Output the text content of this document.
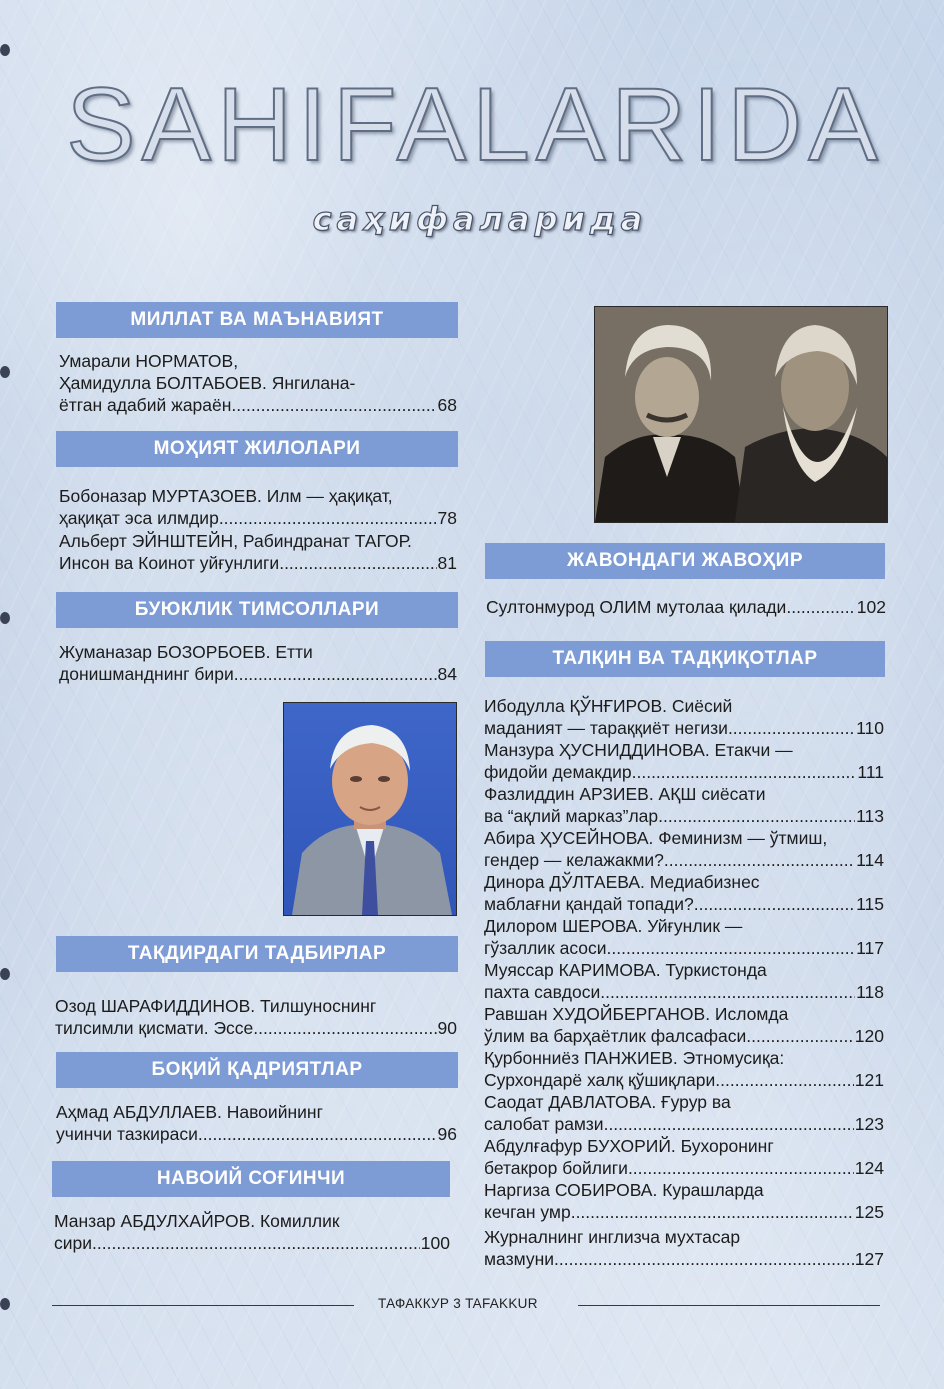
SAHIFALARIDA
саҳифаларида
МИЛЛАТ ВА МАЪНАВИЯТ
Умарали НОРМАТОВ,
Ҳамидулла БОЛТАБОЕВ. Янгилана-
ётган адабий жараён .....	68
МОҲИЯТ ЖИЛОЛАРИ
Бобоназар МУРТАЗОЕВ. Илм — ҳақиқат,
ҳақиқат эса илмдир .....	78
Альберт ЭЙНШТЕЙН, Рабиндранат ТАГОР.
Инсон ва Коинот уйғунлиги .....	81
БУЮКЛИК ТИМСОЛЛАРИ
Жуманазар БОЗОРБОЕВ. Етти
донишманднинг бири .....	84
ТАҚДИРДАГИ ТАДБИРЛАР
Озод ШАРАФИДДИНОВ. Тилшуноснинг
тилсимли қисмати. Эссе .....	90
БОҚИЙ ҚАДРИЯТЛАР
Аҳмад АБДУЛЛАЕВ. Навоийнинг
учинчи тазкираси .....	96
НАВОИЙ СОҒИНЧИ
Манзар АБДУЛХАЙРОВ. Комиллик
сири .....	100
ЖАВОНДАГИ ЖАВОҲИР
Султонмурод ОЛИМ мутолаа қилади .....	102
ТАЛҚИН ВА ТАДҚИҚОТЛАР
Ибодулла ҚЎНҒИРОВ. Сиёсий
маданият — тараққиёт негизи .....	110
Манзура ҲУСНИДДИНОВА. Етакчи —
фидойи демакдир .....	111
Фазлиддин АРЗИЕВ. АҚШ сиёсати
ва “ақлий марказ”лар .....	113
Абира ҲУСЕЙНОВА. Феминизм — ўтмиш,
гендер — келажакми? .....	114
Динора ДЎЛТАЕВА. Медиабизнес
маблағни қандай топади? .....	115
Дилором ШЕРОВА. Уйғунлик —
гўзаллик асоси .....	117
Муяссар КАРИМОВА. Туркистонда
пахта савдоси .....	118
Равшан ХУДОЙБЕРГАНОВ. Исломда
ўлим ва барҳаётлик фалсафаси .....	120
Қурбонниёз ПАНЖИЕВ. Этномусиқа:
Сурхондарё халқ қўшиқлари .....	121
Саодат ДАВЛАТОВА. Ғурур ва
салобат рамзи .....	123
Абдулғафур БУХОРИЙ. Бухоронинг
бетакрор бойлиги .....	124
Наргиза СОБИРОВА. Курашларда
кечган умр .....	125
Журналнинг инглизча мухтасар
мазмуни .....	127
ТАФАККУР 3 TAFAKKUR
